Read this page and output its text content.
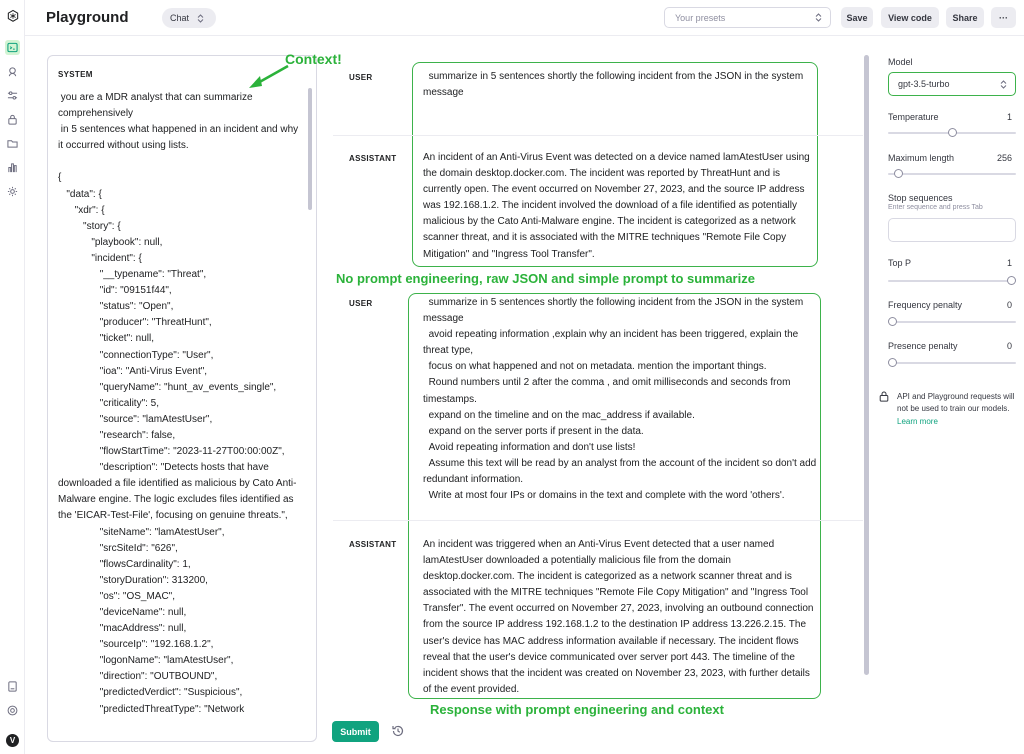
V
Playground	Chat	Your presets	Save	View code	Share	···
SYSTEM
you are a MDR analyst that can summarize comprehensively
in 5 sentences what happened in an incident and why it occurred without using lists.

{
"data": {
"xdr": {
"story": {
"playbook": null,
"incident": {
"__typename": "Threat",
"id": "09151f44",
"status": "Open",
"producer": "ThreatHunt",
"ticket": null,
"connectionType": "User",
"ioa": "Anti-Virus Event",
"queryName": "hunt_av_events_single",
"criticality": 5,
"source": "lamAtestUser",
"research": false,
"flowStartTime": "2023-11-27T00:00:00Z",
"description": "Detects hosts that have downloaded a file identified as malicious by Cato Anti-Malware engine. The logic excludes files identified as the 'EICAR-Test-File', focusing on genuine threats.",
"siteName": "lamAtestUser",
"srcSiteId": "626",
"flowsCardinality": 1,
"storyDuration": 313200,
"os": "OS_MAC",
"deviceName": null,
"macAddress": null,
"sourceIp": "192.168.1.2",
"logonName": "lamAtestUser",
"direction": "OUTBOUND",
"predictedVerdict": "Suspicious",
"predictedThreatType": "Network
Context!
USER	summarize in 5 sentences shortly the following incident from the JSON in the system message
ASSISTANT	An incident of an Anti-Virus Event was detected on a device named lamAtestUser using the domain desktop.docker.com. The incident was reported by ThreatHunt and is currently open. The event occurred on November 27, 2023, and the source IP address was 192.168.1.2. The incident involved the download of a file identified as potentially malicious by the Cato Anti-Malware engine. The incident is categorized as a network scanner threat, and it is associated with the MITRE techniques "Remote File Copy Mitigation" and "Ingress Tool Transfer".
No prompt engineering, raw JSON and simple prompt to summarize
USER	summarize in 5 sentences shortly the following incident from the JSON in the system message
avoid repeating information ,explain why an incident has been triggered, explain the threat type,
focus on what happened and not on metadata. mention the important things.
Round numbers until 2 after the comma , and omit milliseconds and seconds from timestamps.
expand on the timeline and on the mac_address if available.
expand on the server ports if present in the data.
Avoid repeating information and don't use lists!
Assume this text will be read by an analyst from the account of the incident so don't add redundant information.
Write at most four IPs or domains in the text and complete with the word 'others'.
ASSISTANT	An incident was triggered when an Anti-Virus Event detected that a user named lamAtestUser downloaded a potentially malicious file from the domain desktop.docker.com. The incident is categorized as a network scanner threat and is associated with the MITRE techniques "Remote File Copy Mitigation" and "Ingress Tool Transfer". The event occurred on November 27, 2023, involving an outbound connection from the source IP address 192.168.1.2 to the destination IP address 13.226.2.15. The user's device has MAC address information available if necessary. The incident flows reveal that the user's device communicated over server port 443. The timeline of the incident shows that the incident was created on November 23, 2023, with further details of the event provided.
Response with prompt engineering and context
Submit
Model
gpt-3.5-turbo
Temperature	1
Maximum length	256
Stop sequences
Enter sequence and press Tab
Top P	1
Frequency penalty	0
Presence penalty	0
API and Playground requests will not be used to train our models. Learn more
